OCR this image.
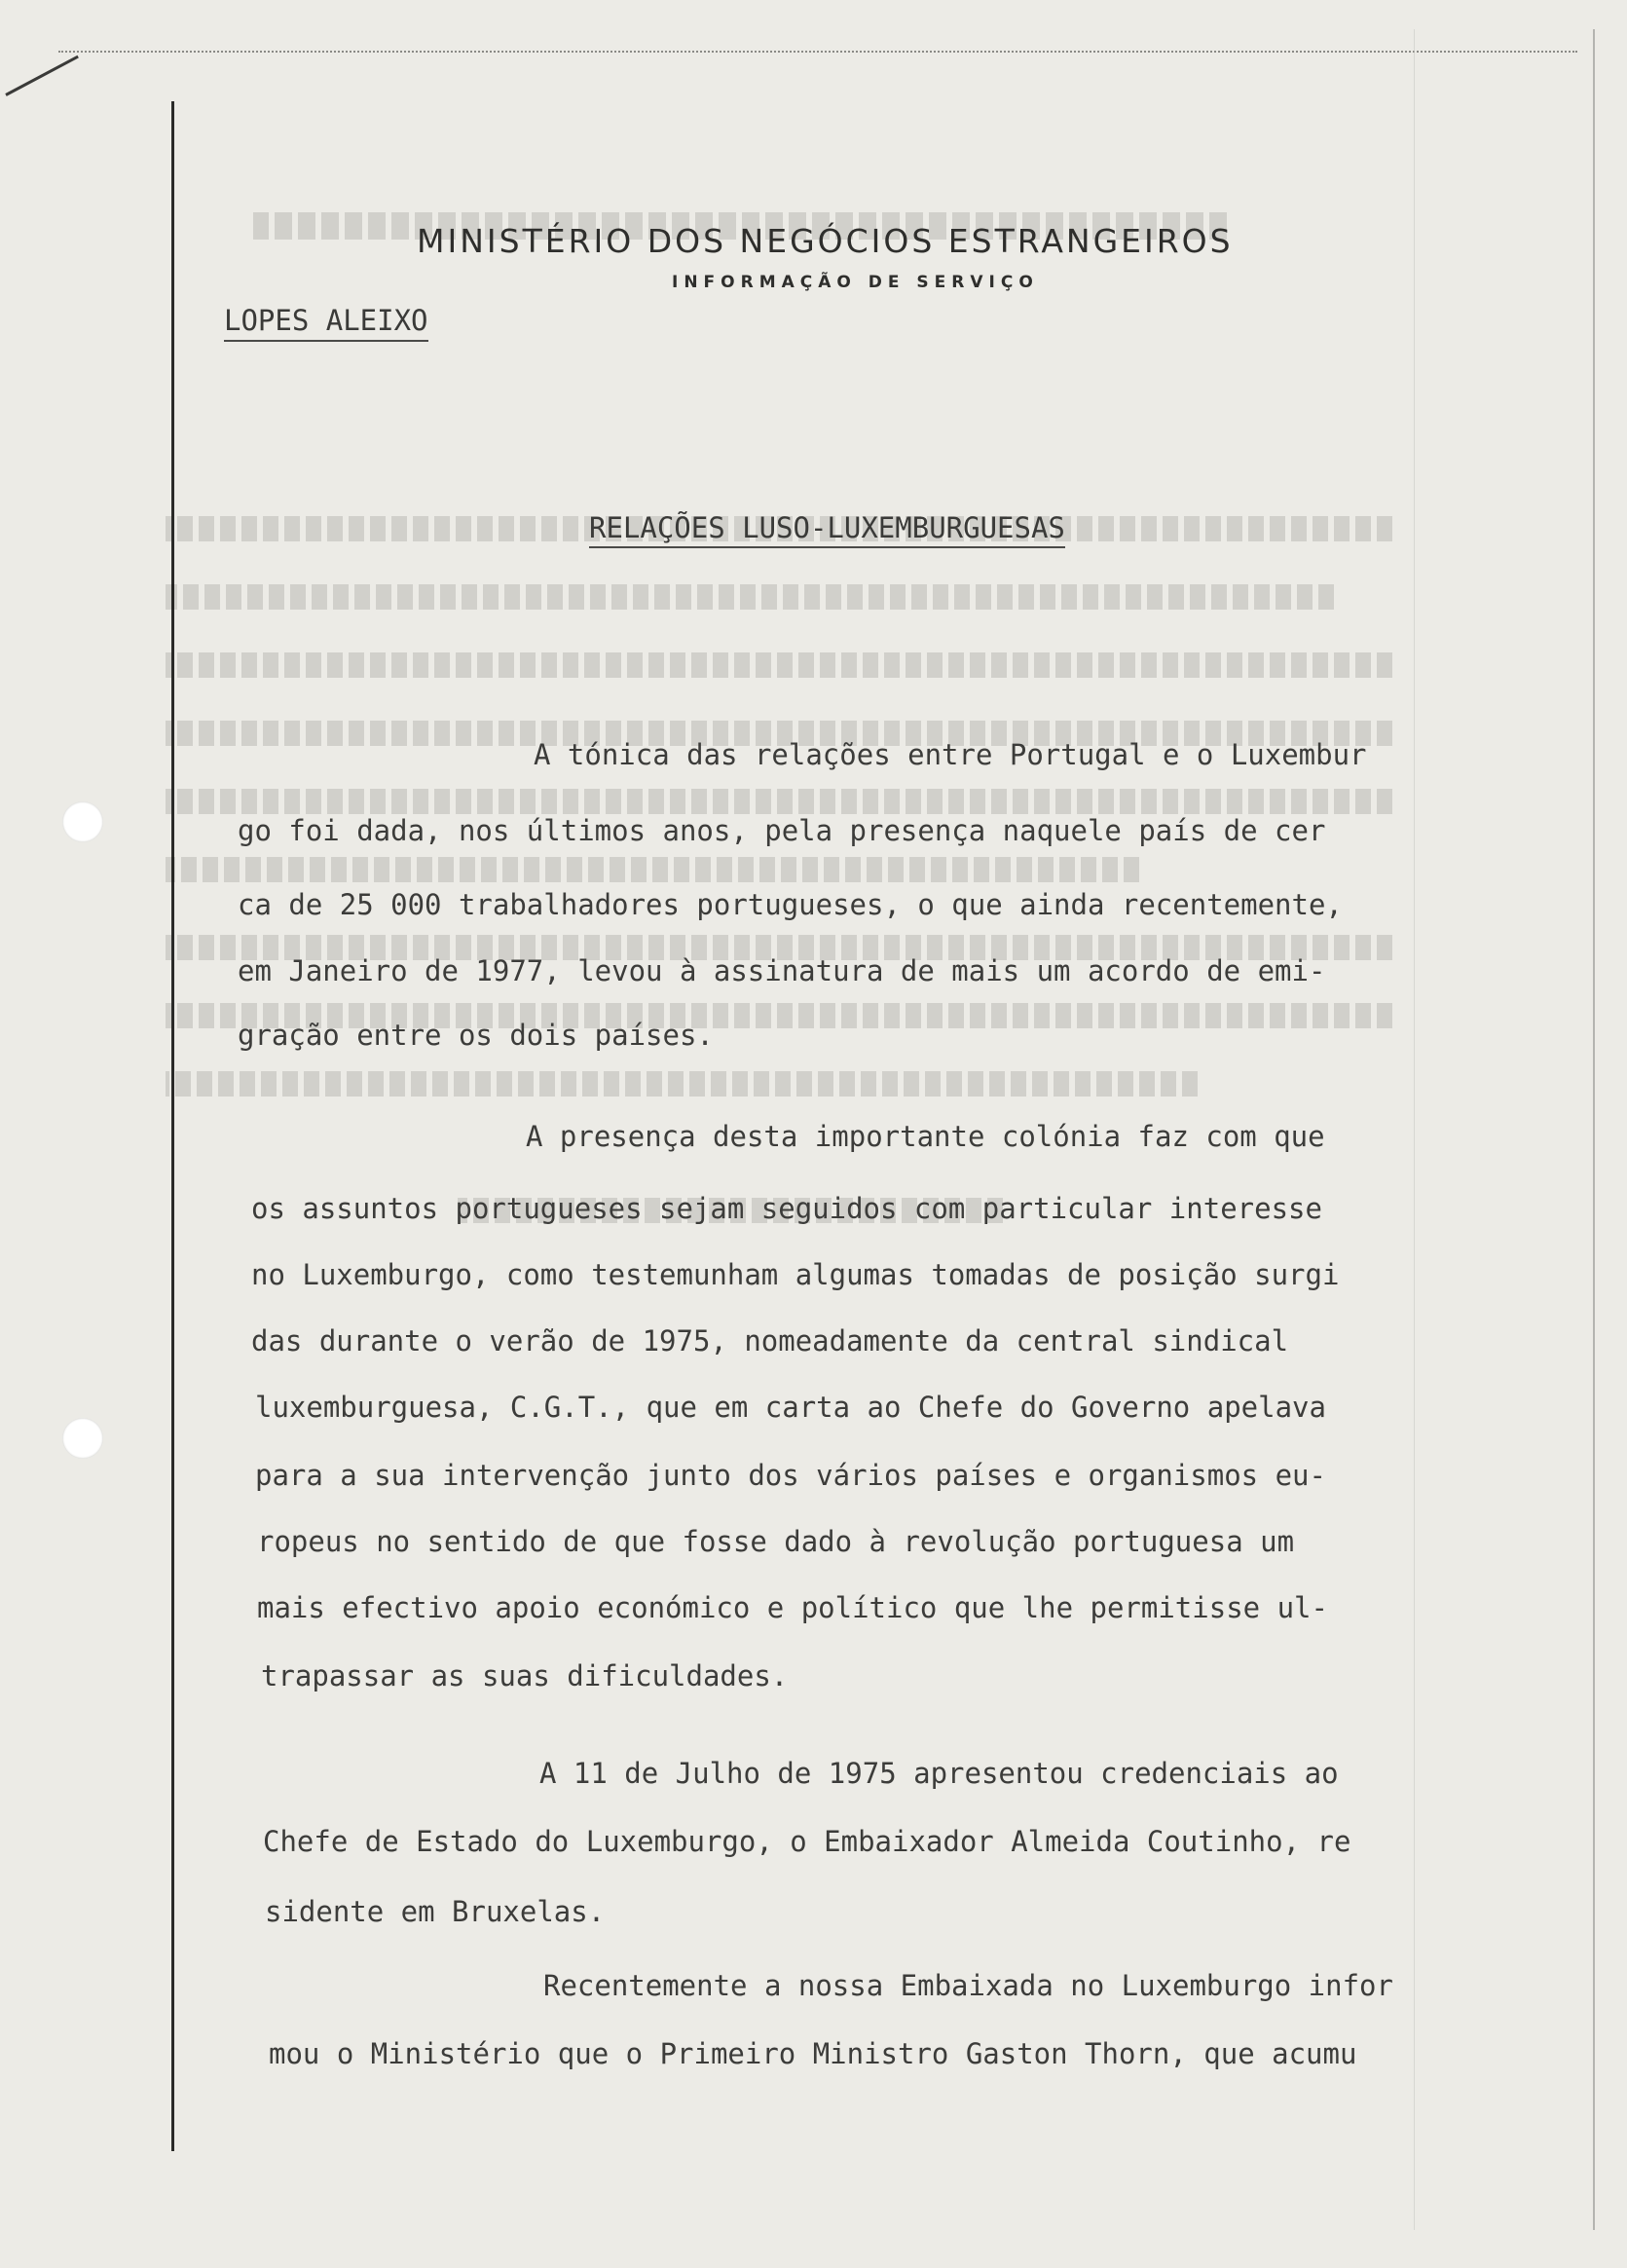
MINISTÉRIO DOS NEGÓCIOS ESTRANGEIROS
INFORMAÇÃO DE SERVIÇO
LOPES ALEIXO
RELAÇÕES LUSO-LUXEMBURGUESAS
A tónica das relações entre Portugal e o Luxembur
go foi dada, nos últimos anos, pela presença naquele país de cer
ca de 25 000 trabalhadores portugueses, o que ainda recentemente,
em Janeiro de 1977, levou à assinatura de mais um acordo de emi-
gração entre os dois países.
A presença desta importante colónia faz com que
os assuntos portugueses sejam seguidos com particular interesse
no Luxemburgo, como testemunham algumas tomadas de posição surgi
das durante o verão de 1975, nomeadamente da central sindical
luxemburguesa, C.G.T., que em carta ao Chefe do Governo apelava
para a sua intervenção junto dos vários países e organismos eu-
ropeus no sentido de que fosse dado à revolução portuguesa um
mais efectivo apoio económico e político que lhe permitisse ul-
trapassar as suas dificuldades.
A 11 de Julho de 1975 apresentou credenciais ao
Chefe de Estado do Luxemburgo, o Embaixador Almeida Coutinho, re
sidente em Bruxelas.
Recentemente a nossa Embaixada no Luxemburgo infor
mou o Ministério que o Primeiro Ministro Gaston Thorn, que acumu
